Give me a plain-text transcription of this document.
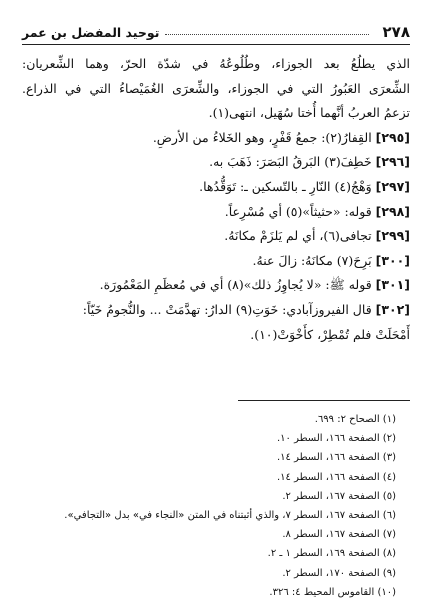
٢٧٨
توحيد المفضل بن عمر
الذي يطلُعُ بعد الجوزاء، وطُلُوعُهُ في شدّة الحرّ، وهما الشِّعريان:
الشِّعرَى العَبُورُ التي في الجوزاء، والشِّعرَى الغُمَيْصاءُ التي في الذراع.
تزعمُ العربُ أنَّهما أُختا سُهَيل، انتهى(١).
[٢٩٥]القِفارُ(٢): جمعُ قَفْرٍ، وهو الخَلاءُ من الأرضِ.
[٢٩٦]خَطِفَ(٣) البَرقُ البَصَرَ: ذَهَبَ به.
[٢٩٧]وَهْجُ(٤) النّارِ ـ بالتّسكين ـ: تَوَقُّدُها.
[٢٩٨]قوله: «حثيثاً»(٥) أي مُسْرِعاً.
[٢٩٩]تجافى(٦)، أي لم يَلزَمْ مكانَهُ.
[٣٠٠]بَرِحَ(٧) مكانَهُ: زالَ عنهُ.
[٣٠١]قوله ﷺ: «لا يُجاوِزُ ذلك»(٨) أي في مُعظَمِ المَعْمُورَة.
[٣٠٢]قال الفيروزآبادي: خَوَتِ(٩) الدارُ: تهدَّمَتْ ... والنُّجومُ خَيّاً:
أَمْحَلَتْ فلم تُمْطِرْ، كأَخْوَتْ(١٠).
(١) الصحاح ٢: ٦٩٩.
(٢) الصفحة ١٦٦، السطر ١٠.
(٣) الصفحة ١٦٦، السطر ١٤.
(٤) الصفحة ١٦٦، السطر ١٤.
(٥) الصفحة ١٦٧، السطر ٢.
(٦) الصفحة ١٦٧، السطر ٧، والذي أثبتناه في المتن «النجاء في» بدل «التجافي».
(٧) الصفحة ١٦٧، السطر ٨.
(٨) الصفحة ١٦٩، السطر ١ ـ ٢.
(٩) الصفحة ١٧٠، السطر ٢.
(١٠) القاموس المحيط ٤: ٣٢٦.
